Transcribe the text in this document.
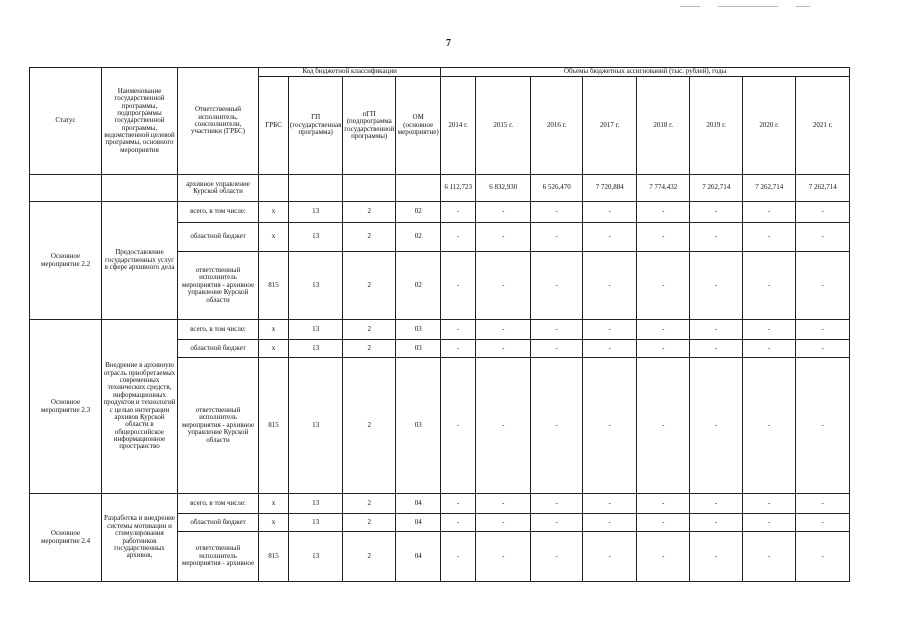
7
Статус	Наименование государственной программы, подпрограммы государственной программы, ведомственной целевой программы, основного мероприятия	Ответственный исполнитель, соисполнители, участники (ГРБС)	Код бюджетной классификации				Объемы бюджетных ассигнований (тыс. рублей), годы							
			ГРБС	ГП (государственная программа)	пГП (подпрограмма государственной программы)	ОМ (основное мероприятие)	2014 г.	2015 г.	2016 г.	2017 г.	2018 г.	2019 г.	2020 г.	2021 г.
		архивное управление Курской области					6 112,723	6 832,930	6 526,470	7 720,884	7 774,432	7 262,714	7 262,714	7 262,714
Основное мероприятие 2.2	Предоставление государственных услуг в сфере архивного дела	всего, в том числе:	х	13	2	02	-	-	-	-	-	-	-	-
		областной бюджет	х	13	2	02	-	-	-	-	-	-	-	-
		ответственный исполнитель мероприятия - архивное управление Курской области	815	13	2	02	-	-	-	-	-	-	-	-
Основное мероприятие 2.3	Внедрение в архивную отрасль приобретаемых современных технических средств, информационных продуктов и технологий с целью интеграции архивов Курской области в общероссийское информационное пространство	всего, в том числе:	х	13	2	03	-	-	-	-	-	-	-	-
		областной бюджет	х	13	2	03	-	-	-	-	-	-	-	-
		ответственный исполнитель мероприятия - архивное управление Курской области	815	13	2	03	-	-	-	-	-	-	-	-
Основное мероприятие 2.4	Разработка и внедрение системы мотивации и стимулирования работников государственных архивов,	всего, в том числе:	х	13	2	04	-	-	-	-	-	-	-	-
		областной бюджет	х	13	2	04	-	-	-	-	-	-	-	-
		ответственный исполнитель мероприятия - архивное	815	13	2	04	-	-	-	-	-	-	-	-
